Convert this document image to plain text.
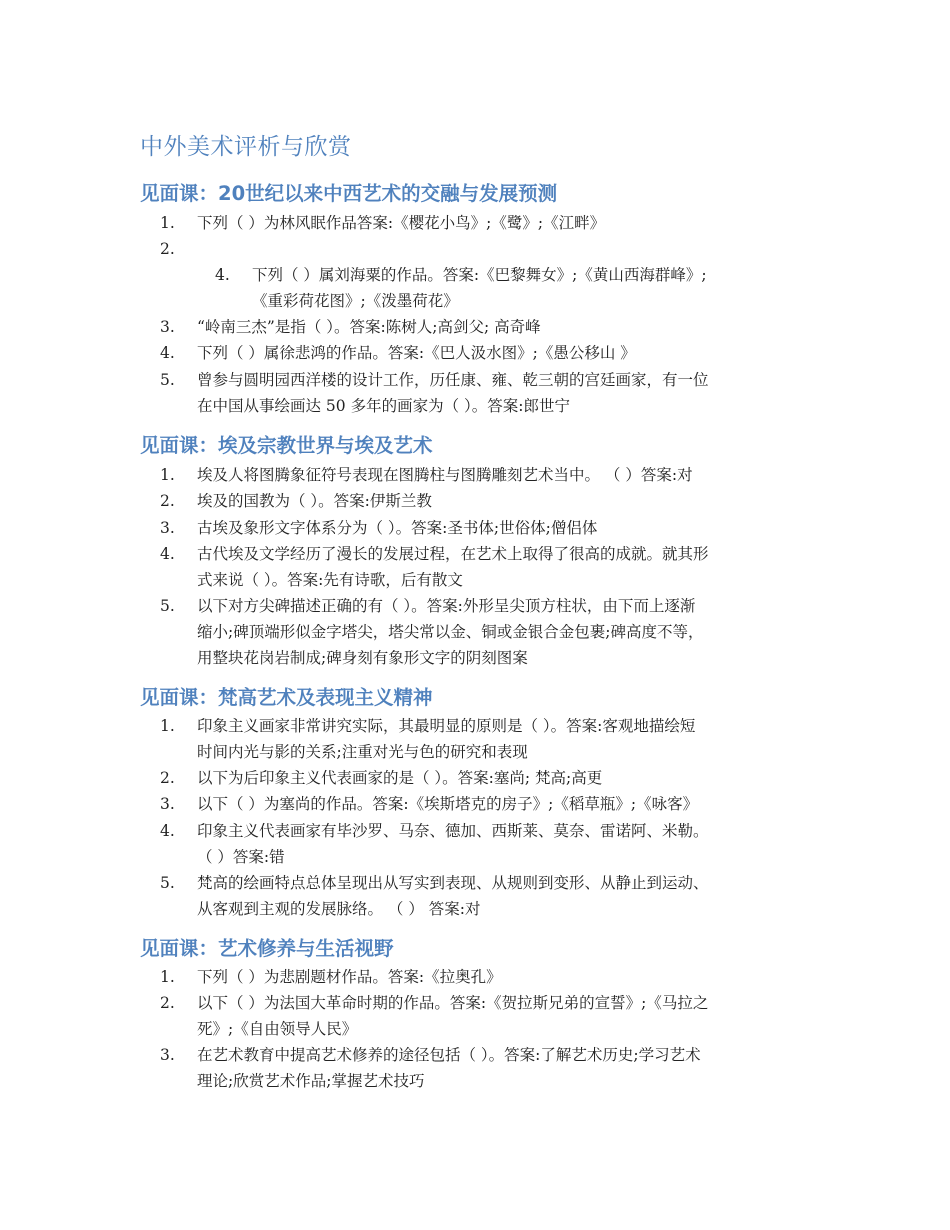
中外美术评析与欣赏
见面课：20世纪以来中西艺术的交融与发展预测
1.	下列（ ）为林风眠作品答案:《樱花小鸟》;《鹭》;《江畔》
2.
4. 下列（ ）属刘海粟的作品。答案:《巴黎舞女》;《黄山西海群峰》;
《重彩荷花图》;《泼墨荷花》
3.	“岭南三杰”是指（ ）。答案:陈树人;高剑父; 高奇峰
4.	下列（ ）属徐悲鸿的作品。答案:《巴人汲水图》;《愚公移山 》
5.	曾参与圆明园西洋楼的设计工作，历任康、雍、乾三朝的宫廷画家，有一位
在中国从事绘画达 50 多年的画家为（ ）。答案:郎世宁
见面课：埃及宗教世界与埃及艺术
1.	埃及人将图腾象征符号表现在图腾柱与图腾雕刻艺术当中。 （ ）答案:对
2.	埃及的国教为（ ）。答案:伊斯兰教
3.	古埃及象形文字体系分为（ ）。答案:圣书体;世俗体;僧侣体
4.	古代埃及文学经历了漫长的发展过程，在艺术上取得了很高的成就。就其形
式来说（ ）。答案:先有诗歌，后有散文
5.	以下对方尖碑描述正确的有（ ）。答案:外形呈尖顶方柱状，由下而上逐渐
缩小;碑顶端形似金字塔尖，塔尖常以金、铜或金银合金包裹;碑高度不等，
用整块花岗岩制成;碑身刻有象形文字的阴刻图案
见面课：梵高艺术及表现主义精神
1.	印象主义画家非常讲究实际，其最明显的原则是（ ）。答案:客观地描绘短
时间内光与影的关系;注重对光与色的研究和表现
2.	以下为后印象主义代表画家的是（ ）。答案:塞尚; 梵高;高更
3.	以下（ ）为塞尚的作品。答案:《埃斯塔克的房子》;《稻草瓶》;《咏客》
4.	印象主义代表画家有毕沙罗、马奈、德加、西斯莱、莫奈、雷诺阿、米勒。
（ ）答案:错
5.	梵高的绘画特点总体呈现出从写实到表现、从规则到变形、从静止到运动、
从客观到主观的发展脉络。 （ ） 答案:对
见面课：艺术修养与生活视野
1.	下列（ ）为悲剧题材作品。答案:《拉奥孔》
2.	以下（ ）为法国大革命时期的作品。答案:《贺拉斯兄弟的宣誓》;《马拉之
死》;《自由领导人民》
3.	在艺术教育中提高艺术修养的途径包括（ ）。答案:了解艺术历史;学习艺术
理论;欣赏艺术作品;掌握艺术技巧
